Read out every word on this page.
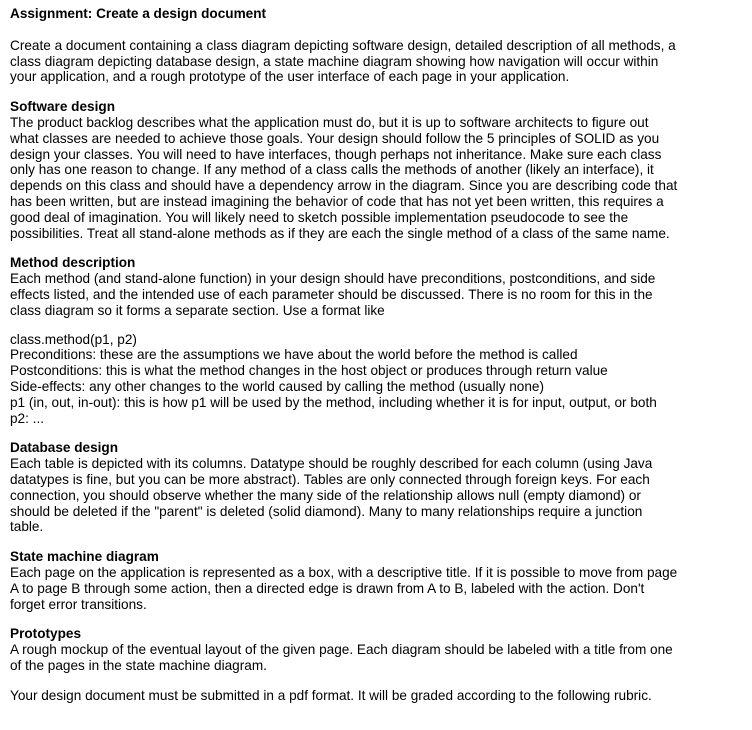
Assignment: Create a design document

Create a document containing a class diagram depicting software design, detailed description of all methods, a
class diagram depicting database design, a state machine diagram showing how navigation will occur within
your application, and a rough prototype of the user interface of each page in your application.

Software design

The product backlog describes what the application must do, but it is up to software architects to figure out
what classes are needed to achieve those goals. Your design should follow the 5 principles of SOLID as you
design your classes. You will need to have interfaces, though perhaps not inheritance. Make sure each class
only has one reason to change. If any method of a class calls the methods of another (likely an interface), it
depends on this class and should have a dependency arrow in the diagram. Since you are describing code that
has been written, but are instead imagining the behavior of code that has not yet been written, this requires a
good deal of imagination. You will likely need to sketch possible implementation pseudocode to see the
possibilities. Treat all stand-alone methods as if they are each the single method of a class of the same name.

Method description

Each method (and stand-alone function) in your design should have preconditions, postconditions, and side
effects listed, and the intended use of each parameter should be discussed. There is no room for this in the
class diagram so it forms a separate section. Use a format like

class.method(p1, p2)
Preconditions: these are the assumptions we have about the world before the method is called
Postconditions: this is what the method changes in the host object or produces through return value
Side-effects: any other changes to the world caused by calling the method (usually none)
p1 (in, out, in-out): this is how p1 will be used by the method, including whether it is for input, output, or both
p2: ...

Database design

Each table is depicted with its columns. Datatype should be roughly described for each column (using Java
datatypes is fine, but you can be more abstract). Tables are only connected through foreign keys. For each
connection, you should observe whether the many side of the relationship allows null (empty diamond) or
should be deleted if the "parent" is deleted (solid diamond). Many to many relationships require a junction
table.

State machine diagram

Each page on the application is represented as a box, with a descriptive title. If it is possible to move from page
A to page B through some action, then a directed edge is drawn from A to B, labeled with the action. Don't
forget error transitions.

Prototypes

A rough mockup of the eventual layout of the given page. Each diagram should be labeled with a title from one
of the pages in the state machine diagram.

Your design document must be submitted in a pdf format. It will be graded according to the following rubric.
